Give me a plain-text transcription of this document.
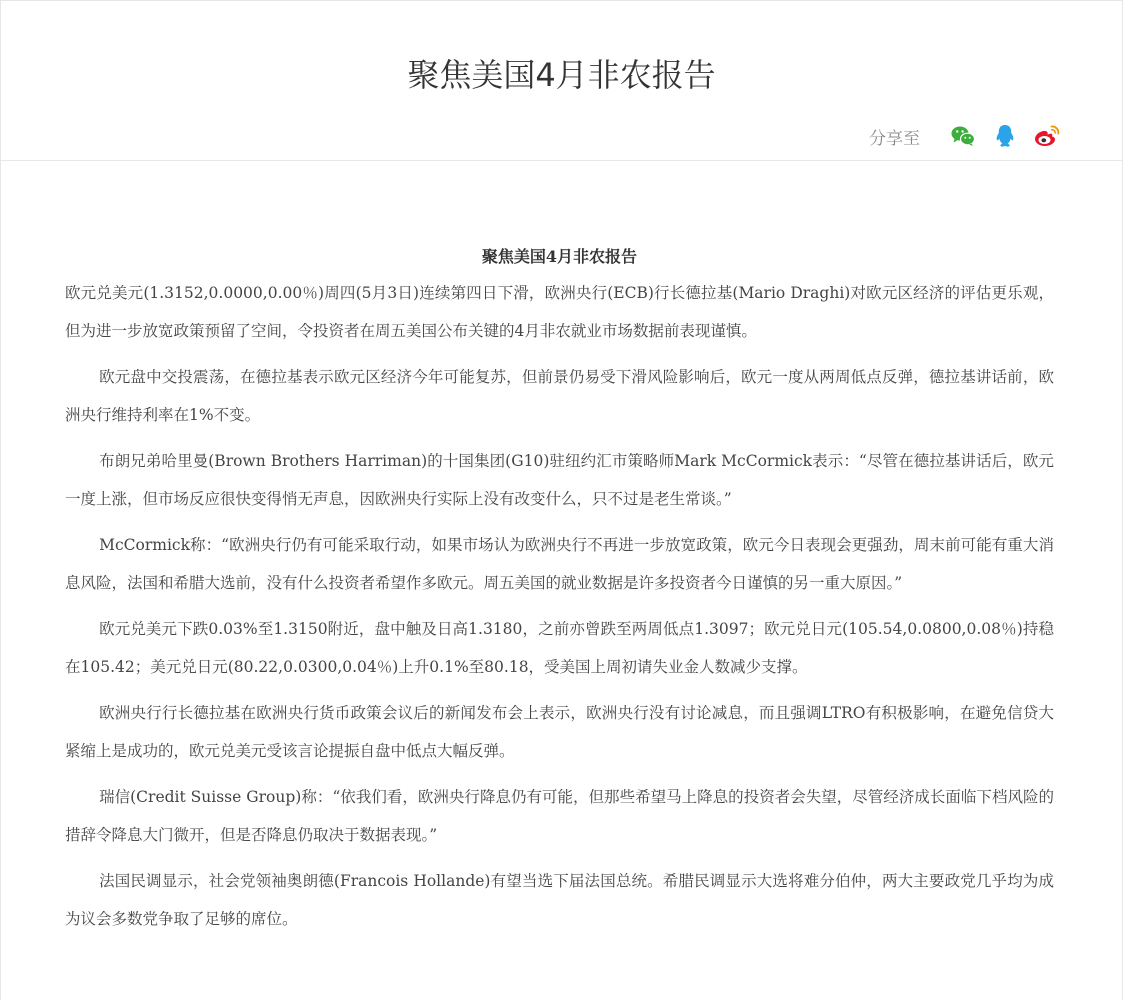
聚焦美国4月非农报告
分享至
聚焦美国4月非农报告

欧元兑美元(1.3152,0.0000,0.00％)周四(5月3日)连续第四日下滑，欧洲央行(ECB)行长德拉基(Mario Draghi)对欧元区经济的评估更乐观，但为进一步放宽政策预留了空间，令投资者在周五美国公布关键的4月非农就业市场数据前表现谨慎。

欧元盘中交投震荡，在德拉基表示欧元区经济今年可能复苏，但前景仍易受下滑风险影响后，欧元一度从两周低点反弹，德拉基讲话前，欧洲央行维持利率在1%不变。

布朗兄弟哈里曼(Brown Brothers Harriman)的十国集团(G10)驻纽约汇市策略师Mark McCormick表示：“尽管在德拉基讲话后，欧元一度上涨，但市场反应很快变得悄无声息，因欧洲央行实际上没有改变什么，只不过是老生常谈。”

McCormick称：“欧洲央行仍有可能采取行动，如果市场认为欧洲央行不再进一步放宽政策，欧元今日表现会更强劲，周末前可能有重大消息风险，法国和希腊大选前，没有什么投资者希望作多欧元。周五美国的就业数据是许多投资者今日谨慎的另一重大原因。”

欧元兑美元下跌0.03%至1.3150附近，盘中触及日高1.3180，之前亦曾跌至两周低点1.3097；欧元兑日元(105.54,0.0800,0.08％)持稳在105.42；美元兑日元(80.22,0.0300,0.04％)上升0.1%至80.18，受美国上周初请失业金人数减少支撑。

欧洲央行行长德拉基在欧洲央行货币政策会议后的新闻发布会上表示，欧洲央行没有讨论减息，而且强调LTRO有积极影响，在避免信贷大紧缩上是成功的，欧元兑美元受该言论提振自盘中低点大幅反弹。

瑞信(Credit Suisse Group)称：“依我们看，欧洲央行降息仍有可能，但那些希望马上降息的投资者会失望，尽管经济成长面临下档风险的措辞令降息大门微开，但是否降息仍取决于数据表现。”

法国民调显示，社会党领袖奥朗德(Francois Hollande)有望当选下届法国总统。希腊民调显示大选将难分伯仲，两大主要政党几乎均为成为议会多数党争取了足够的席位。
